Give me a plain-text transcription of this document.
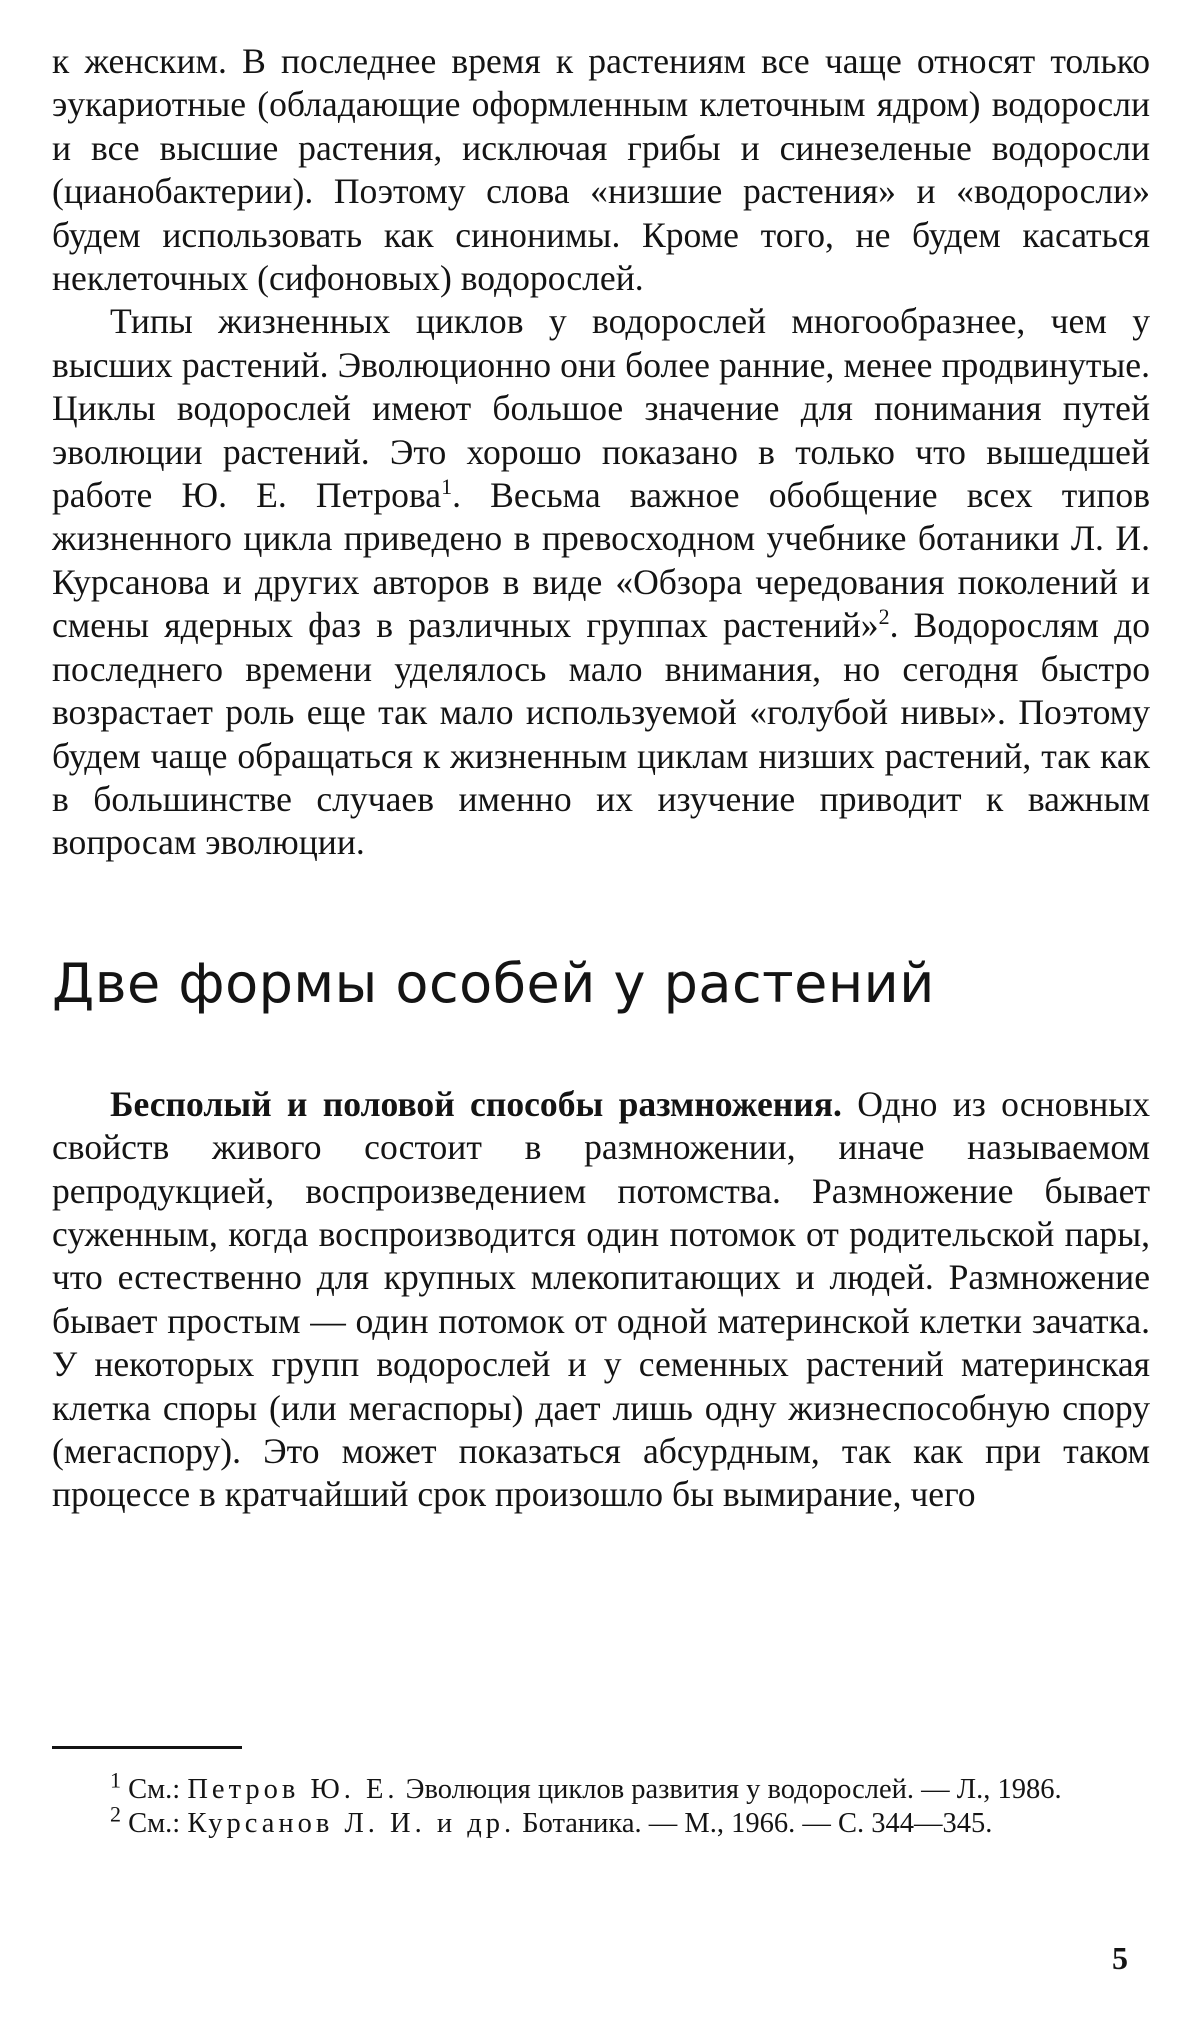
к женским. В последнее время к растениям все чаще относят только эукариотные (обладающие оформленным клеточным ядром) водоросли и все высшие растения, исключая грибы и синезеленые водоросли (цианобактерии). Поэтому слова «низшие растения» и «водоросли» будем использовать как синонимы. Кроме того, не будем касаться неклеточных (сифоновых) водорослей.

Типы жизненных циклов у водорослей многообразнее, чем у высших растений. Эволюционно они более ранние, менее продвинутые. Циклы водорослей имеют большое значение для понимания путей эволюции растений. Это хорошо показано в только что вышедшей работе Ю. Е. Петрова$^1$. Весьма важное обобщение всех типов жизненного цикла приведено в превосходном учебнике ботаники Л. И. Курсанова и других авторов в виде «Обзора чередования поколений и смены ядерных фаз в различных группах растений»$^2$. Водорослям до последнего времени уделялось мало внимания, но сегодня быстро возрастает роль еще так мало используемой «голубой нивы». Поэтому будем чаще обращаться к жизненным циклам низших растений, так как в большинстве случаев именно их изучение приводит к важным вопросам эволюции.

Две формы особей у растений

Бесполый и половой способы размножения. Одно из основных свойств живого состоит в размножении, иначе называемом репродукцией, воспроизведением потомства. Размножение бывает суженным, когда воспроизводится один потомок от родительской пары, что естественно для крупных млекопитающих и людей. Размножение бывает простым — один потомок от одной материнской клетки зачатка. У некоторых групп водорослей и у семенных растений материнская клетка споры (или мегаспоры) дает лишь одну жизнеспособную спору (мегаспору). Это может показаться абсурдным, так как при таком процессе в кратчайший срок произошло бы вымирание, чего

$^1$ См.: Петров Ю. Е. Эволюция циклов развития у водорослей. — Л., 1986.

$^2$ См.: Курсанов Л. И. и др. Ботаника. — М., 1966. — С. 344—345.

5
